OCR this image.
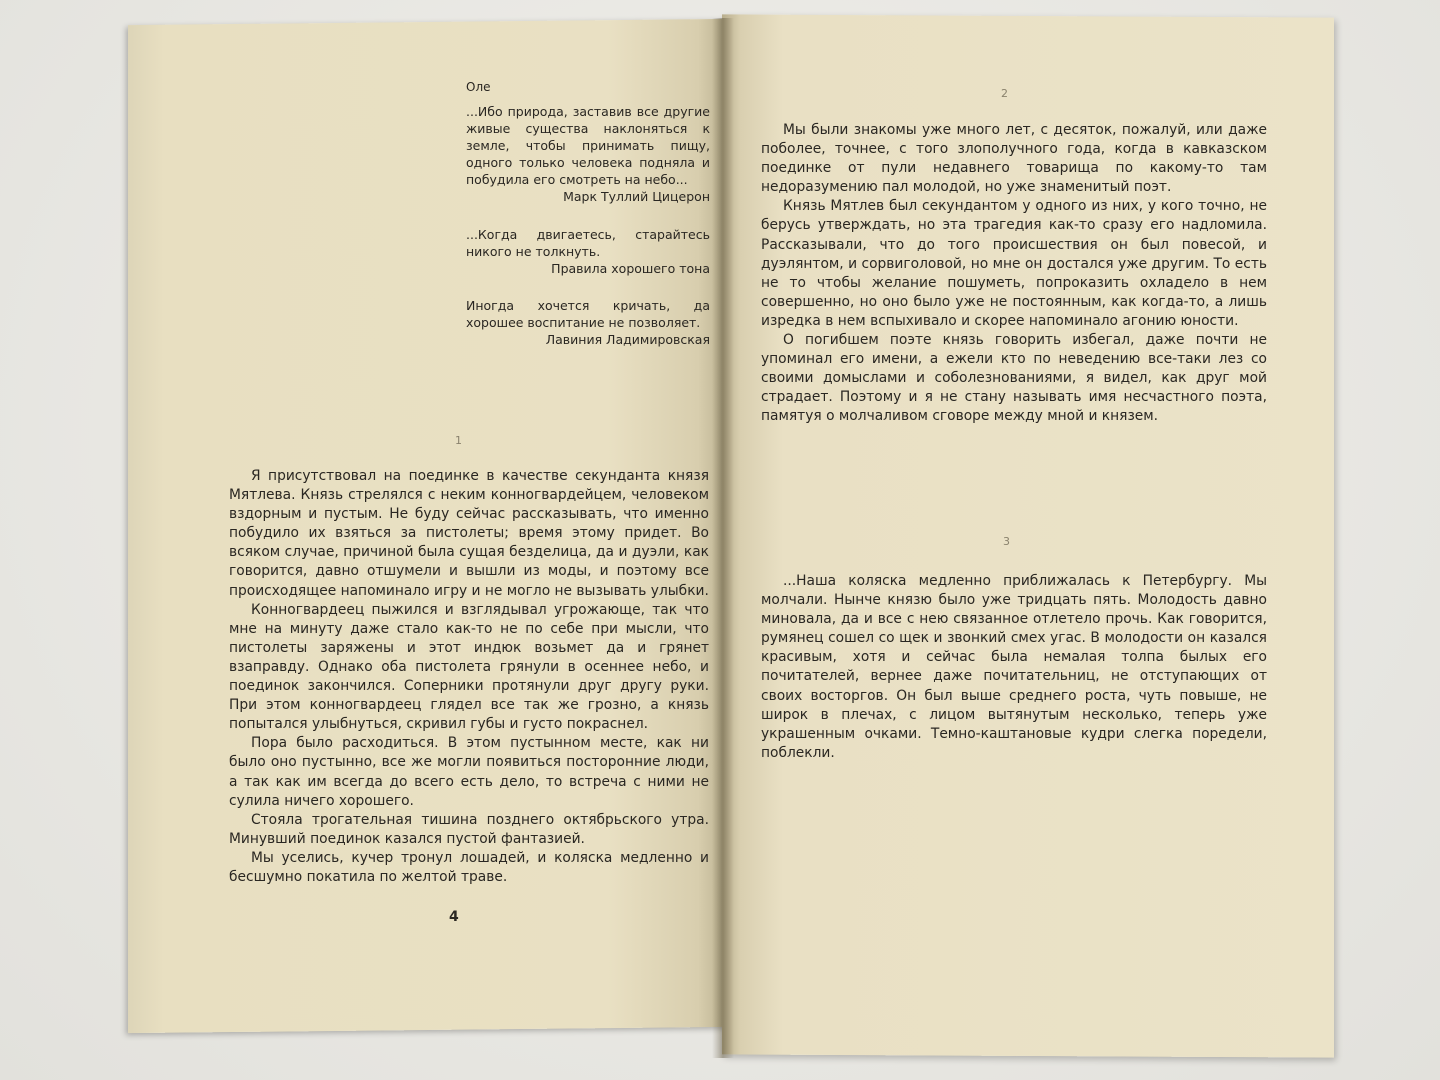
Оле
...Ибо природа, заставив все другие живые существа наклоняться к земле, чтобы принимать пищу, одного только человека подняла и побудила его смотреть на небо...
Марк Туллий Цицерон
...Когда двигаетесь, старайтесь никого не толкнуть.
Правила хорошего тона
Иногда хочется кричать, да хорошее воспитание не позволяет.
Лавиния Ладимировская
1

Я присутствовал на поединке в качестве секунданта князя Мятлева. Князь стрелялся с неким конногвардейцем, человеком вздорным и пустым. Не буду сейчас рассказывать, что именно побудило их взяться за пистолеты; время этому придет. Во всяком случае, причиной была сущая безделица, да и дуэли, как говорится, давно отшумели и вышли из моды, и поэтому все происходящее напоминало игру и не могло не вызывать улыбки.

Конногвардеец пыжился и взглядывал угрожающе, так что мне на минуту даже стало как-то не по себе при мысли, что пистолеты заряжены и этот индюк возьмет да и грянет взаправду. Однако оба пистолета грянули в осеннее небо, и поединок закончился. Соперники протянули друг другу руки. При этом конногвардеец глядел все так же грозно, а князь попытался улыбнуться, скривил губы и густо покраснел.

Пора было расходиться. В этом пустынном месте, как ни было оно пустынно, все же могли появиться посторонние люди, а так как им всегда до всего есть дело, то встреча с ними не сулила ничего хорошего.

Стояла трогательная тишина позднего октябрьского утра. Минувший поединок казался пустой фантазией.

Мы уселись, кучер тронул лошадей, и коляска медленно и бесшумно покатила по желтой траве.

4
2

Мы были знакомы уже много лет, с десяток, пожалуй, или даже поболее, точнее, с того злополучного года, когда в кавказском поединке от пули недавнего товарища по какому-то там недоразумению пал молодой, но уже знаменитый поэт.

Князь Мятлев был секундантом у одного из них, у кого точно, не берусь утверждать, но эта трагедия как-то сразу его надломила. Рассказывали, что до того происшествия он был повесой, и дуэлянтом, и сорвиголовой, но мне он достался уже другим. То есть не то чтобы желание пошуметь, попроказить охладело в нем совершенно, но оно было уже не постоянным, как когда-то, а лишь изредка в нем вспыхивало и скорее напоминало агонию юности.

О погибшем поэте князь говорить избегал, даже почти не упоминал его имени, а ежели кто по неведению все-таки лез со своими домыслами и соболезнованиями, я видел, как друг мой страдает. Поэтому и я не стану называть имя несчастного поэта, памятуя о молчаливом сговоре между мной и князем.

3

...Наша коляска медленно приближалась к Петербургу. Мы молчали. Нынче князю было уже тридцать пять. Молодость давно миновала, да и все с нею связанное отлетело прочь. Как говорится, румянец сошел со щек и звонкий смех угас. В молодости он казался красивым, хотя и сейчас была немалая толпа былых его почитателей, вернее даже почитательниц, не отступающих от своих восторгов. Он был выше среднего роста, чуть повыше, не широк в плечах, с лицом вытянутым несколько, теперь уже украшенным очками. Темно-каштановые кудри слегка поредели, поблекли.
